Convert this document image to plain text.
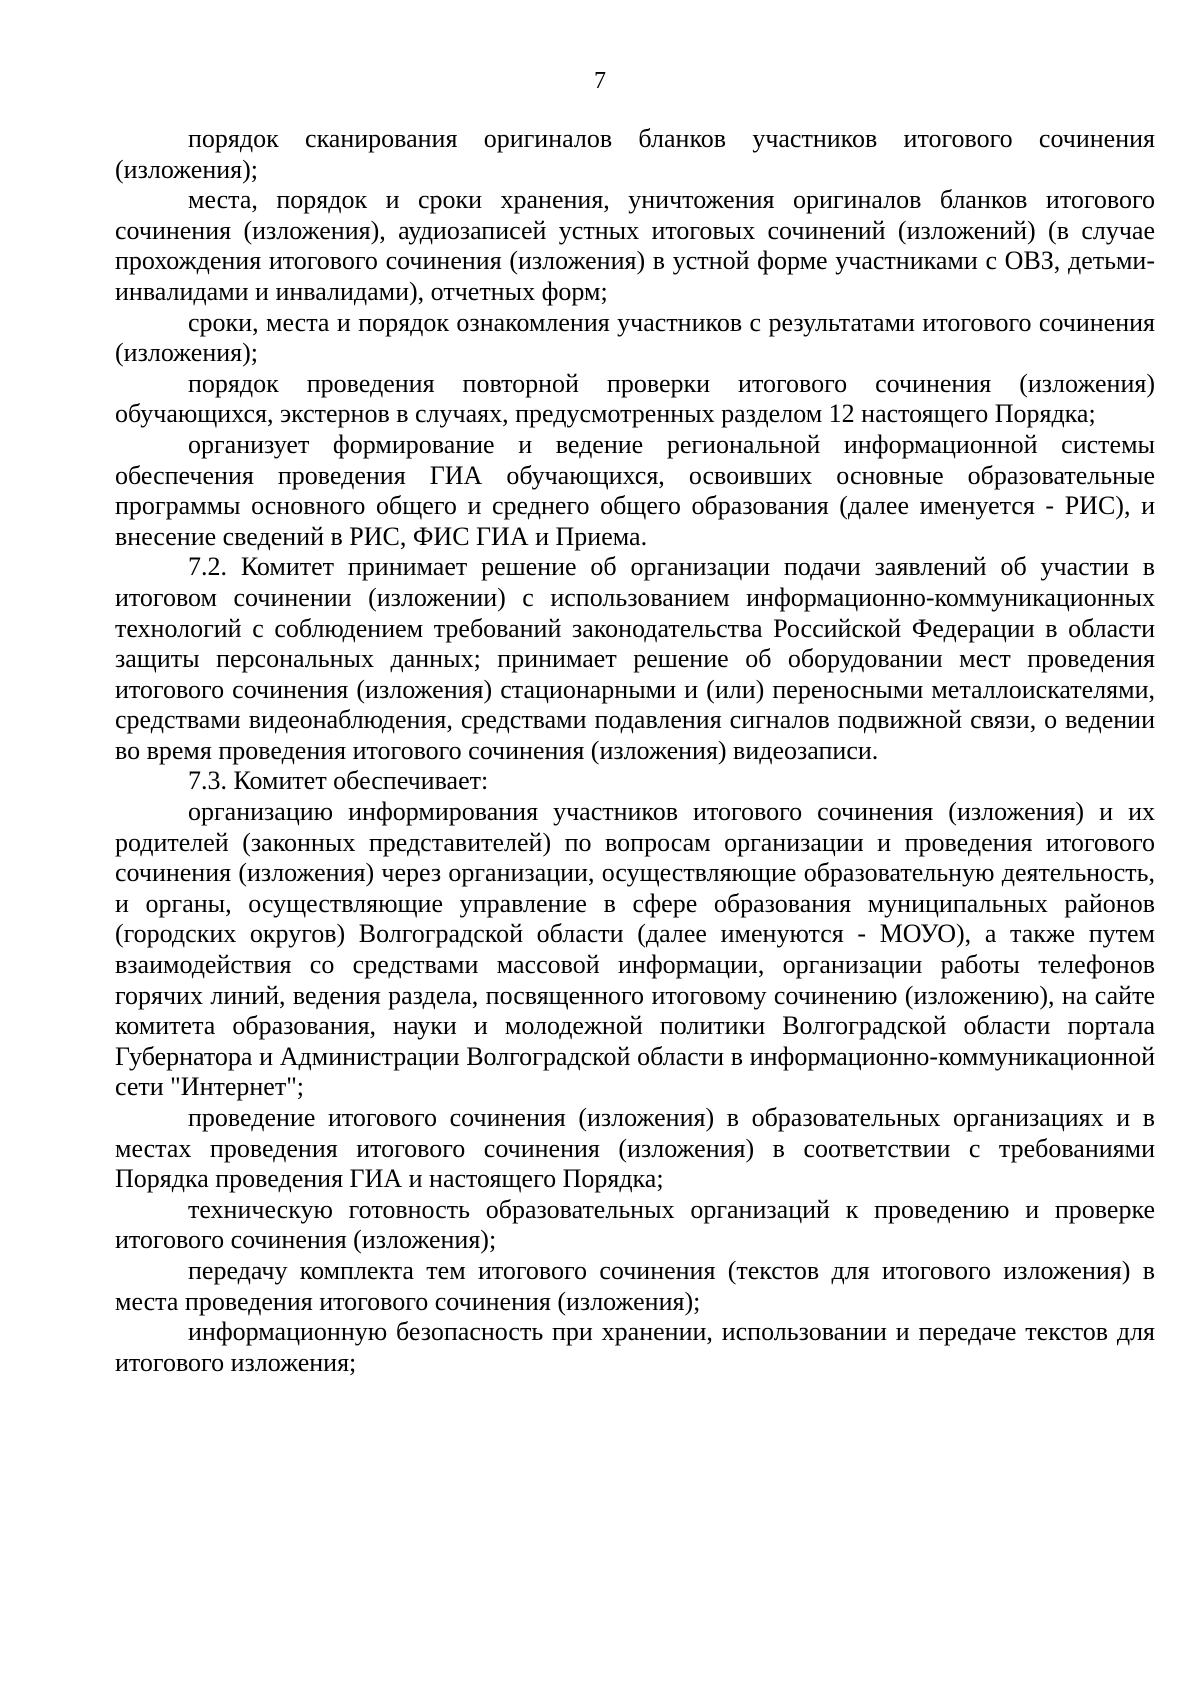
7

порядок сканирования оригиналов бланков участников итогового сочинения (изложения);

места, порядок и сроки хранения, уничтожения оригиналов бланков итогового сочинения (изложения), аудиозаписей устных итоговых сочинений (изложений) (в случае прохождения итогового сочинения (изложения) в устной форме участниками с ОВЗ, детьми-инвалидами и инвалидами), отчетных форм;

сроки, места и порядок ознакомления участников с результатами итогового сочинения (изложения);

порядок проведения повторной проверки итогового сочинения (изложения) обучающихся, экстернов в случаях, предусмотренных разделом 12 настоящего Порядка;

организует формирование и ведение региональной информационной системы обеспечения проведения ГИА обучающихся, освоивших основные образовательные программы основного общего и среднего общего образования (далее именуется - РИС), и внесение сведений в РИС, ФИС ГИА и Приема.

7.2. Комитет принимает решение об организации подачи заявлений об участии в итоговом сочинении (изложении) с использованием информационно-коммуникационных технологий с соблюдением требований законодательства Российской Федерации в области защиты персональных данных; принимает решение об оборудовании мест проведения итогового сочинения (изложения) стационарными и (или) переносными металлоискателями, средствами видеонаблюдения, средствами подавления сигналов подвижной связи, о ведении во время проведения итогового сочинения (изложения) видеозаписи.

7.3. Комитет обеспечивает:

организацию информирования участников итогового сочинения (изложения) и их родителей (законных представителей) по вопросам организации и проведения итогового сочинения (изложения) через организации, осуществляющие образовательную деятельность, и органы, осуществляющие управление в сфере образования муниципальных районов (городских округов) Волгоградской области (далее именуются - МОУО), а также путем взаимодействия со средствами массовой информации, организации работы телефонов горячих линий, ведения раздела, посвященного итоговому сочинению (изложению), на сайте комитета образования, науки и молодежной политики Волгоградской области портала Губернатора и Администрации Волгоградской области в информационно-коммуникационной сети "Интернет";

проведение итогового сочинения (изложения) в образовательных организациях и в местах проведения итогового сочинения (изложения) в соответствии с требованиями Порядка проведения ГИА и настоящего Порядка;

техническую готовность образовательных организаций к проведению и проверке итогового сочинения (изложения);

передачу комплекта тем итогового сочинения (текстов для итогового изложения) в места проведения итогового сочинения (изложения);

информационную безопасность при хранении, использовании и передаче текстов для итогового изложения;
